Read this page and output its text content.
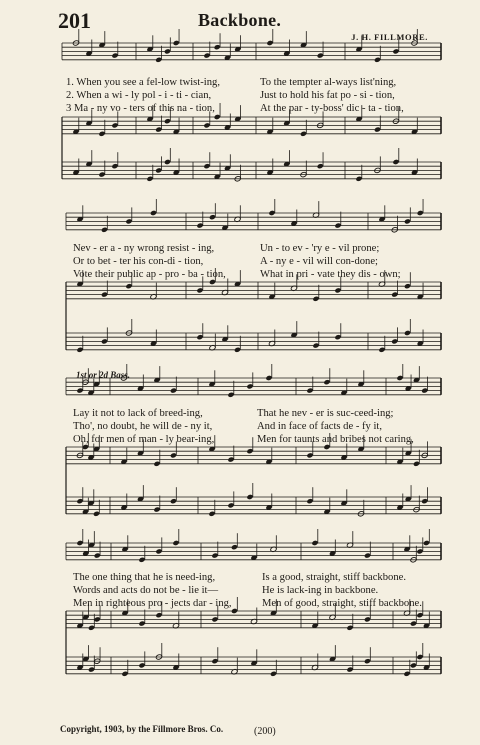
201	Backbone.
J. H. FILLMORE.
1. When you see a fel-low twist-ing,	To the tempter al-ways list'ning,
2. When a wi - ly pol - i - ti - cian,	Just to hold his fat po - si - tion,
3 Ma - ny vo - ters of this na - tion,	At the par - ty-boss' dic - ta - tion,
Nev - er a - ny wrong resist - ing,	Un - to ev - 'ry e - vil prone;
Or to bet - ter his con-di - tion,	A - ny e - vil will con-done;
Vote their public ap - pro - ba - tion,	What in pri - vate they dis - own;
1st or 2d Bass.
Lay it not to lack of breed-ing,	That he nev - er is suc-ceed-ing;
Tho', no doubt, he will de - ny it,	And in face of facts de - fy it,
Oh, for men of man - ly bear-ing,	Men for taunts and bribes not caring,
The one thing that he is need-ing,	Is a good, straight, stiff backbone.
Words and acts do not be - lie it—	He is lack-ing in backbone.
Men in righteous pro - jects dar - ing,	Men of good, straight, stiff backbone.
Copyright, 1903, by the Fillmore Bros. Co.	(200)
